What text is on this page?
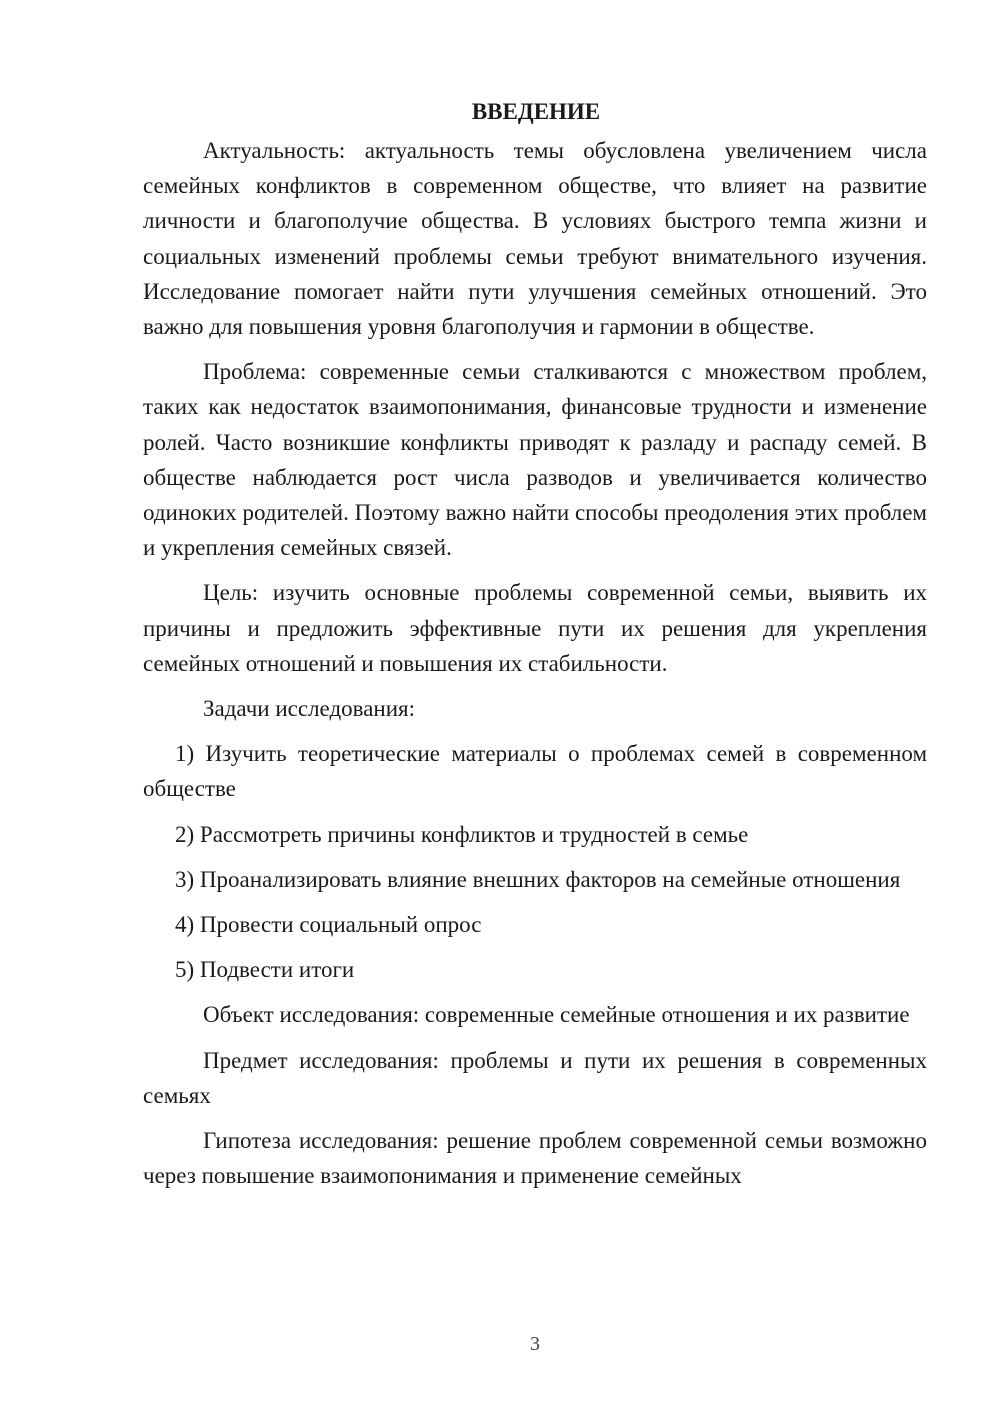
ВВЕДЕНИЕ

Актуальность: актуальность темы обусловлена увеличением числа семейных конфликтов в современном обществе, что влияет на развитие личности и благополучие общества. В условиях быстрого темпа жизни и социальных изменений проблемы семьи требуют внимательного изучения. Исследование помогает найти пути улучшения семейных отношений. Это важно для повышения уровня благополучия и гармонии в обществе.

Проблема: современные семьи сталкиваются с множеством проблем, таких как недостаток взаимопонимания, финансовые трудности и изменение ролей. Часто возникшие конфликты приводят к разладу и распаду семей. В обществе наблюдается рост числа разводов и увеличивается количество одиноких родителей. Поэтому важно найти способы преодоления этих проблем и укрепления семейных связей.

Цель: изучить основные проблемы современной семьи, выявить их причины и предложить эффективные пути их решения для укрепления семейных отношений и повышения их стабильности.

Задачи исследования:

1) Изучить теоретические материалы о проблемах семей в современном обществе

2) Рассмотреть причины конфликтов и трудностей в семье

3) Проанализировать влияние внешних факторов на семейные отношения

4) Провести социальный опрос

5) Подвести итоги

Объект исследования: современные семейные отношения и их развитие

Предмет исследования: проблемы и пути их решения в современных семьях

Гипотеза исследования: решение проблем современной семьи возможно через повышение взаимопонимания и применение семейных

3
